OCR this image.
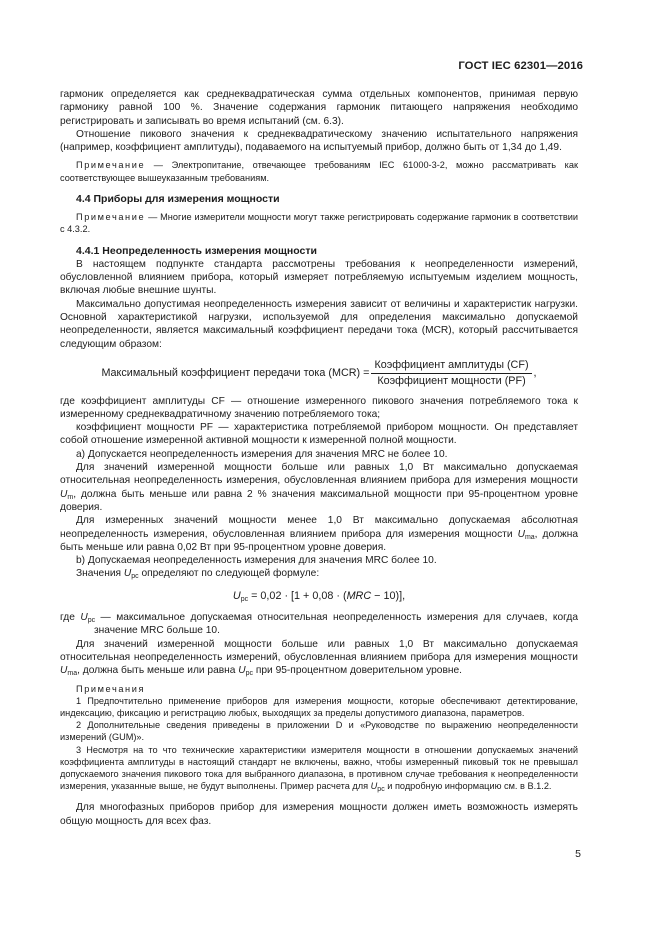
ГОСТ IEC 62301—2016

гармоник определяется как среднеквадратическая сумма отдельных компонентов, принимая первую гармонику равной 100 %. Значение содержания гармоник питающего напряжения необходимо регистрировать и записывать во время испытаний (см. 6.3).

Отношение пикового значения к среднеквадратическому значению испытательного напряжения (например, коэффициент амплитуды), подаваемого на испытуемый прибор, должно быть от 1,34 до 1,49.

Примечание — Электропитание, отвечающее требованиям IEC 61000-3-2, можно рассматривать как соответствующее вышеуказанным требованиям.

4.4 Приборы для измерения мощности

Примечание — Многие измерители мощности могут также регистрировать содержание гармоник в соответствии с 4.3.2.

4.4.1 Неопределенность измерения мощности

В настоящем подпункте стандарта рассмотрены требования к неопределенности измерений, обусловленной влиянием прибора, который измеряет потребляемую испытуемым изделием мощность, включая любые внешние шунты.

Максимально допустимая неопределенность измерения зависит от величины и характеристик нагрузки. Основной характеристикой нагрузки, используемой для определения максимально допускаемой неопределенности, является максимальный коэффициент передачи тока (MCR), который рассчитывается следующим образом:

Максимальный коэффициент передачи тока $(MCR) = \frac{\text{Коэффициент амплитуды (CF)}}{\text{Коэффициент мощности (PF)}}$ ,

где коэффициент амплитуды CF — отношение измеренного пикового значения потребляемого тока к измеренному среднеквадратичному значению потребляемого тока;

коэффициент мощности PF — характеристика потребляемой прибором мощности. Он представляет собой отношение измеренной активной мощности к измеренной полной мощности.

a) Допускается неопределенность измерения для значения MRC не более 10.

Для значений измеренной мощности больше или равных 1,0 Вт максимально допускаемая относительная неопределенность измерения, обусловленная влиянием прибора для измерения мощности $U_m$, должна быть меньше или равна 2 % значения максимальной мощности при 95-процентном уровне доверия.

Для измеренных значений мощности менее 1,0 Вт максимально допускаемая абсолютная неопределенность измерения, обусловленная влиянием прибора для измерения мощности $U_{ma}$, должна быть меньше или равна 0,02 Вт при 95-процентном уровне доверия.

b) Допускаемая неопределенность измерения для значения MRC более 10.

Значения $U_{pc}$ определяют по следующей формуле:

$U_{pc} = 0,02 \cdot [1 + 0,08 \cdot (MRC - 10)]$,

где $U_{pc}$ — максимальное допускаемая относительная неопределенность измерения для случаев, когда значение MRC больше 10.

Для значений измеренной мощности больше или равных 1,0 Вт максимально допускаемая относительная неопределенность измерений, обусловленная влиянием прибора для измерения мощности $U_{ma}$, должна быть меньше или равна $U_{pc}$ при 95-процентном доверительном уровне.

Примечания

1 Предпочтительно применение приборов для измерения мощности, которые обеспечивают детектирование, индексацию, фиксацию и регистрацию любых, выходящих за пределы допустимого диапазона, параметров.

2 Дополнительные сведения приведены в приложении D и «Руководстве по выражению неопределенности измерений (GUM)».

3 Несмотря на то что технические характеристики измерителя мощности в отношении допускаемых значений коэффициента амплитуды в настоящий стандарт не включены, важно, чтобы измеренный пиковый ток не превышал допускаемого значения пикового тока для выбранного диапазона, в противном случае требования к неопределенности измерения, указанные выше, не будут выполнены. Пример расчета для $U_{pc}$ и подробную информацию см. в В.1.2.

Для многофазных приборов прибор для измерения мощности должен иметь возможность измерять общую мощность для всех фаз.

5
